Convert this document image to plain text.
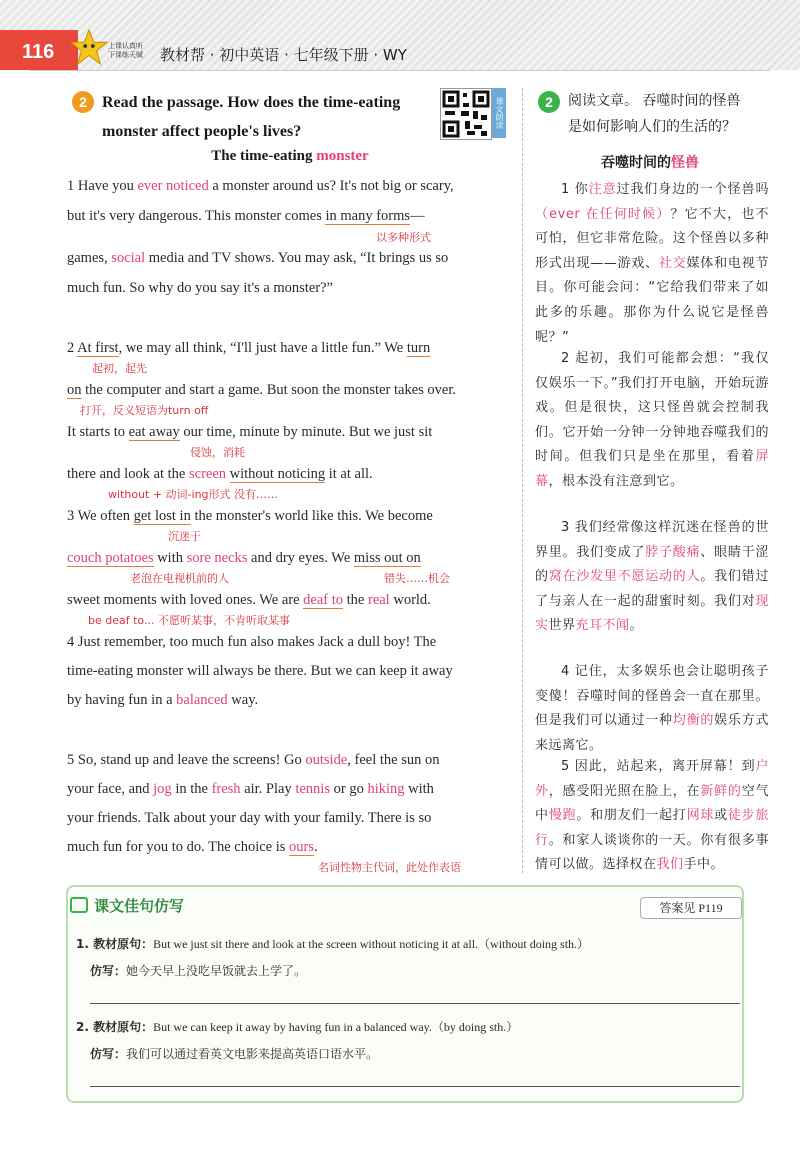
116	上课认真听
下课练天赋	教材帮 · 初中英语 · 七年级下册 · WY
2 Read the passage. How does the time-eating
monster affect people's lives?
课文朗读
The time-eating monster
1 Have you ever noticed a monster around us? It's not big or scary,
but it's very dangerous. This monster comes in many forms—
以多种形式
games, social media and TV shows. You may ask, “It brings us so
much fun. So why do you say it's a monster?”
2 At first, we may all think, “I'll just have a little fun.” We turn
起初，起先
on the computer and start a game. But soon the monster takes over.
打开，反义短语为turn off
It starts to eat away our time, minute by minute. But we just sit
侵蚀，消耗
there and look at the screen without noticing it at all.
without + 动词-ing形式 没有……
3 We often get lost in the monster's world like this. We become
沉迷于
couch potatoes with sore necks and dry eyes. We miss out on
老泡在电视机前的人	错失……机会
sweet moments with loved ones. We are deaf to the real world.
be deaf to... 不愿听某事，不肯听取某事
4 Just remember, too much fun also makes Jack a dull boy! The
time-eating monster will always be there. But we can keep it away
by having fun in a balanced way.
5 So, stand up and leave the screens! Go outside, feel the sun on
your face, and jog in the fresh air. Play tennis or go hiking with
your friends. Talk about your day with your family. There is so
much fun for you to do. The choice is ours.
名词性物主代词，此处作表语
2	阅读文章。 吞噬时间的怪兽
是如何影响人们的生活的？
吞噬时间的怪兽
1 你注意过我们身边的一个怪兽吗（ever 在任何时候）？它不大，也不可怕，但它非常危险。这个怪兽以多种形式出现——游戏、社交媒体和电视节目。你可能会问：“它给我们带来了如此多的乐趣。那你为什么说它是怪兽呢？”
2 起初，我们可能都会想：“我仅仅娱乐一下。”我们打开电脑，开始玩游戏。但是很快，这只怪兽就会控制我们。它开始一分钟一分钟地吞噬我们的时间。但我们只是坐在那里，看着屏幕，根本没有注意到它。
3 我们经常像这样沉迷在怪兽的世界里。我们变成了脖子酸痛、眼睛干涩的窝在沙发里不愿运动的人。我们错过了与亲人在一起的甜蜜时刻。我们对现实世界充耳不闻。
4 记住，太多娱乐也会让聪明孩子变傻！吞噬时间的怪兽会一直在那里。但是我们可以通过一种均衡的娱乐方式来远离它。
5 因此，站起来，离开屏幕！到户外，感受阳光照在脸上，在新鲜的空气中慢跑。和朋友们一起打网球或徒步旅行。和家人谈谈你的一天。你有很多事情可以做。选择权在我们手中。
课文佳句仿写	答案见 P119
1. 教材原句：But we just sit there and look at the screen without noticing it at all.（without doing sth.）
仿写：她今天早上没吃早饭就去上学了。
2. 教材原句：But we can keep it away by having fun in a balanced way.（by doing sth.）
仿写：我们可以通过看英文电影来提高英语口语水平。
